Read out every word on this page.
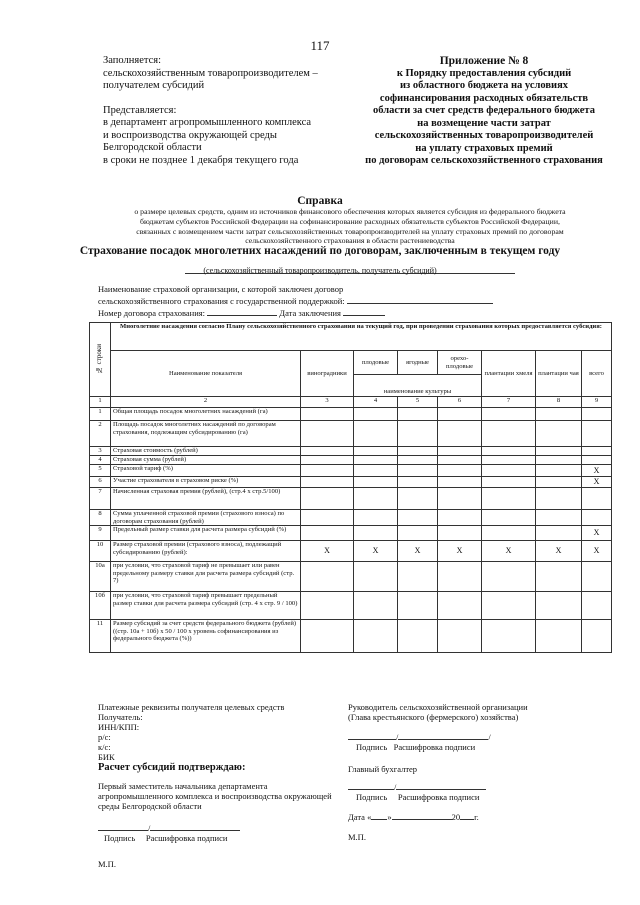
117
Заполняется:
сельскохозяйственным товаропроизводителем –
получателем субсидий
Представляется:
в департамент агропромышленного комплекса
и воспроизводства окружающей среды
Белгородской области
в сроки не позднее 1 декабря текущего года
Приложение № 8
к Порядку предоставления субсидий
из областного бюджета на условиях
софинансирования расходных обязательств
области за счет средств федерального бюджета
на возмещение части затрат
сельскохозяйственных товаропроизводителей
на уплату страховых премий
по договорам сельскохозяйственного страхования
Справка
о размере целевых средств, одним из источников финансового обеспечения которых является субсидия из федерального бюджета
бюджетам субъектов Российской Федерации на софинансирование расходных обязательств субъектов Российской Федерации,
связанных с возмещением части затрат сельскохозяйственных товаропроизводителей на уплату страховых премий по договорам
сельскохозяйственного страхования в области растениеводства
Страхование посадок многолетних насаждений по договорам, заключенным в текущем году
(сельскохозяйственный товаропроизводитель, получатель субсидий)
Наименование страховой организации, с которой заключен договор
сельскохозяйственного страхования с государственной поддержкой:
Номер договора страхования:	Дата заключения
№ строки	Многолетние насаждения согласно Плану сельскохозяйственного страхования на текущий год, при проведении страхования которых предоставляется субсидия:							
	Наименование показателя	виноградники	плодовые	ягодные	орехо-плодовые	плантации хмеля	плантации чая	всего
			наименование культуры					
1	2	3	4	5	6	7	8	9
1	Общая площадь посадок многолетних насаждений (га)							
2	Площадь посадок многолетних насаждений по договорам страхования, подлежащим субсидированию (га)							
3	Страховая стоимость (рублей)							
4	Страховая сумма (рублей)							
5	Страховой тариф (%)							X
6	Участие страхователя в страховом риске (%)							X
7	Начисленная страховая премия (рублей), (стр.4 х стр.5/100)							
8	Сумма уплаченной страховой премии (страхового взноса) по договорам страхования (рублей)							
9	Предельный размер ставки для расчета размера субсидий (%)							X
10	Размер страховой премии (страхового взноса), подлежащий субсидированию (рублей):	X	X	X	X	X	X	X
10а	при условии, что страховой тариф не превышает или равен предельному размеру ставки для расчета размера субсидий (стр. 7)							
10б	при условии, что страховой тариф превышает предельный размер ставки для расчета размера субсидий (стр. 4 х стр. 9 / 100)							
11	Размер субсидий за счет средств федерального бюджета (рублей) ((стр. 10а + 10б) х 50 / 100 х уровень софинансирования из федерального бюджета (%))							
Платежные реквизиты получателя целевых средств
Получатель:
ИНН/КПП:
р/с:
к/с:
БИК
Расчет субсидий подтверждаю:
Первый заместитель начальника департамента
агропромышленного комплекса и воспроизводства окружающей
среды Белгородской области
/
Подпись Расшифровка подписи
М.П.
Руководитель сельскохозяйственной организации
(Глава крестьянского (фермерского) хозяйства)
/	/
Подпись Расшифровка подписи
Главный бухгалтер
/
Подпись Расшифровка подписи
Дата « »	20 г.
М.П.
